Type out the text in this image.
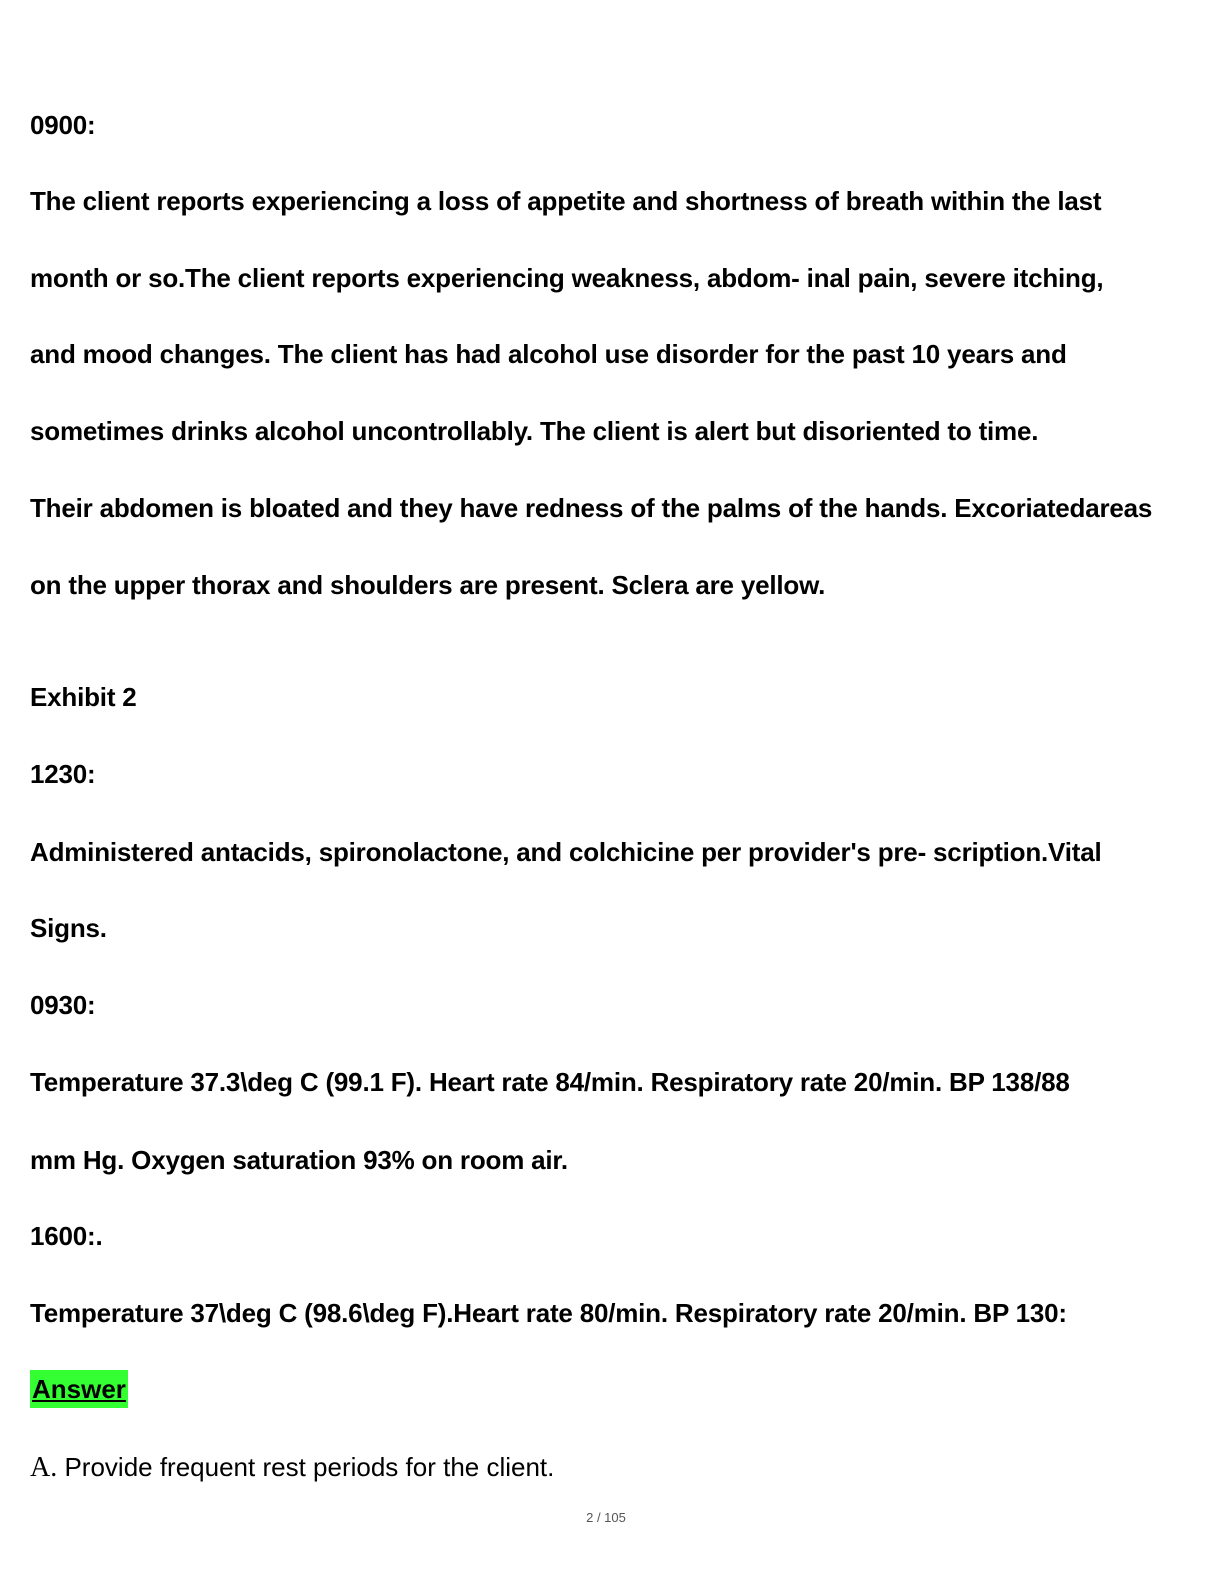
0900:
The client reports experiencing a loss of appetite and shortness of breath within the last
month or so.The client reports experiencing weakness, abdom- inal pain, severe itching,
and mood changes. The client has had alcohol use disorder for the past 10 years and
sometimes drinks alcohol uncontrollably. The client is alert but disoriented to time.
Their abdomen is bloated and they have redness of the palms of the hands. Excoriatedareas
on the upper thorax and shoulders are present. Sclera are yellow.
Exhibit 2
1230:
Administered antacids, spironolactone, and colchicine per provider's pre- scription.Vital
Signs.
0930:
Temperature 37.3\deg C (99.1 F). Heart rate 84/min. Respiratory rate 20/min. BP 138/88
mm Hg. Oxygen saturation 93% on room air.
1600:.
Temperature 37\deg C (98.6\deg F).Heart rate 80/min. Respiratory rate 20/min. BP 130:
Answer
A. Provide frequent rest periods for the client.
2 / 105
